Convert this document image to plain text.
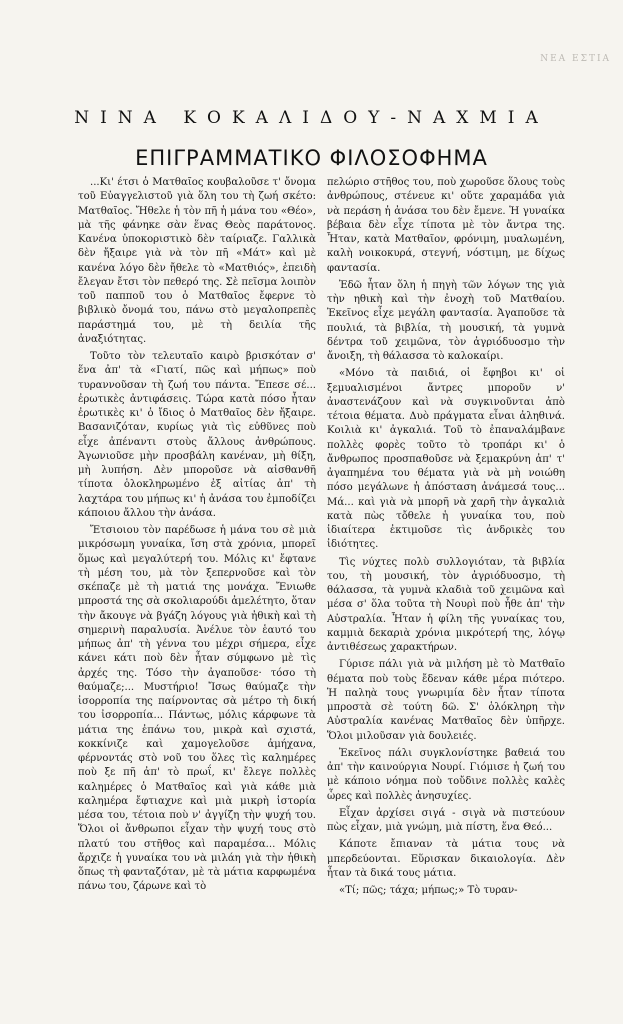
ΝΕΑ ΕΣΤΙΑ
ΝΙΝΑ ΚΟΚΑΛΙΔΟΥ-ΝΑΧΜΙΑ
ΕΠΙΓΡΑΜΜΑΤΙΚΟ ΦΙΛΟΣΟΦΗΜΑ

...Κι' έτσι ὁ Ματθαῖος κουβαλοῦσε τ' ὄνομα τοῦ Εὐαγγελιστοῦ γιὰ ὅλη του τὴ ζωή σκέτο: Ματθαῖος. Ἤθελε ἡ τὸν πῆ ἡ μάνα του «Θέο», μὰ τῆς φάνηκε σὰν ἕνας Θεὸς παράτονος. Κανένα ὑποκοριστικὸ δὲν ταίριαζε. Γαλλικὰ δὲν ἤξαιρε γιὰ νὰ τὸν πῆ «Μάτ» καὶ μὲ κανένα λόγο δὲν ἤθελε τὸ «Ματθιός», ἐπειδὴ ἔλεγαν ἔτσι τὸν πεθερό της. Σὲ πεῖσμα λοιπὸν τοῦ παπποῦ του ὁ Ματθαῖος ἔφερνε τὸ βιβλικὸ ὄνομά του, πάνω στὸ μεγαλοπρεπὲς παράστημά του, μὲ τὴ δειλία τῆς ἀναξιότητας.

Τοῦτο τὸν τελευταῖο καιρὸ βρισκόταν σ' ἕνα ἀπ' τὰ «Γιατί, πῶς καὶ μήπως» ποὺ τυραννοῦσαν τὴ ζωή του πάντα. Ἔπεσε σέ... ἐρωτικὲς ἀντιφάσεις. Τώρα κατὰ πόσο ἦταν ἐρωτικὲς κι' ὁ ἴδιος ὁ Ματθαῖος δὲν ἤξαιρε. Βασανιζόταν, κυρίως γιὰ τὶς εὐθῦνες ποὺ εἶχε ἀπέναντι στοὺς ἄλλους ἀνθρώπους. Ἀγωνιοῦσε μὴν προσβάλη κανέναν, μὴ θίξη, μὴ λυπήση. Δὲν μποροῦσε νὰ αἰσθανθῆ τίποτα ὁλοκληρωμένο ἐξ αἰτίας ἀπ' τὴ λαχτάρα του μήπως κι' ἡ ἀνάσα του ἐμποδίζει κάποιου ἄλλου τὴν ἀνάσα.

Ἔτσιοιου τὸν παρέδωσε ἡ μάνα του σὲ μιὰ μικρόσωμη γυναίκα, ἴση στὰ χρόνια, μπορεῖ ὅμως καὶ μεγαλύτερή του. Μόλις κι' ἔφτανε τὴ μέση του, μὰ τὸν ξεπερνοῦσε καὶ τὸν σκέπαζε μὲ τὴ ματιά της μονάχα. Ἔνιωθε μπροστά της σὰ σκολιαρούδι ἀμελέτητο, ὅταν τὴν ἄκουγε νὰ βγάζη λόγους γιὰ ἠθικὴ καὶ τὴ σημερινὴ παραλυσία. Ἀνέλυε τὸν ἑαυτό του μήπως ἀπ' τὴ γέννα του μέχρι σήμερα, εἶχε κάνει κάτι ποὺ δὲν ἦταν σύμφωνο μὲ τὶς ἀρχές της. Τόσο τὴν ἀγαποῦσε· τόσο τὴ θαύμαζε;... Μυστήριο! Ἴσως θαύμαζε τὴν ἰσορροπία της παίρνοντας σὰ μέτρο τὴ δική του ἰσορροπία... Πάντως, μόλις κάρφωνε τὰ μάτια της ἐπάνω του, μικρὰ καὶ σχιστά, κοκκίνιζε καὶ χαμογελοῦσε ἀμήχανα, φέρνοντάς στὸ νοῦ του ὅλες τὶς καλημέρες ποὺ ξε πῆ ἀπ' τὸ πρωΐ, κι' ἔλεγε πολλὲς καλημέρες ὁ Ματθαῖος καὶ γιὰ κάθε μιὰ καλημέρα ἔφτιαχνε καὶ μιὰ μικρὴ ἱστορία μέσα του, τέτοια ποὺ ν' ἀγγίζη τὴν ψυχή του. Ὅλοι οἱ ἄνθρωποι εἶχαν τὴν ψυχή τους στὸ πλατύ του στῆθος καὶ παραμέσα... Μόλις ἄρχιζε ἡ γυναίκα του νὰ μιλάη γιὰ τὴν ἠθικὴ ὅπως τὴ φανταζόταν, μὲ τὰ μάτια καρφωμένα πάνω του, ζάρωνε καὶ τὸ

πελώριο στῆθος του, ποὺ χωροῦσε ὅλους τοὺς ἀνθρώπους, στένευε κι' οὔτε χαραμάδα γιὰ νὰ περάση ἡ ἀνάσα του δὲν ἔμενε. Ἡ γυναίκα βέβαια δὲν εἶχε τίποτα μὲ τὸν ἄντρα της. Ἦταν, κατὰ Ματθαῖον, φρόνιμη, μυαλωμένη, καλὴ νοικοκυρά, στεγνή, νόστιμη, με δίχως φαντασία.

Ἐδῶ ἦταν ὅλη ἡ πηγὴ τῶν λόγων της γιὰ τὴν ηθικὴ καὶ τὴν ἐνοχὴ τοῦ Ματθαίου. Ἐκεῖνος εἶχε μεγάλη φαντασία. Ἀγαποῦσε τὰ πουλιά, τὰ βιβλία, τὴ μουσική, τὰ γυμνὰ δέντρα τοῦ χειμῶνα, τὸν ἀγριόδυοσμο τὴν ἄνοιξη, τὴ θάλασσα τὸ καλοκαίρι.

«Μόνο τὰ παιδιά, οἱ ἔφηβοι κι' οἱ ξεμυαλισμένοι ἄντρες μποροῦν ν' ἀναστενάζουν καὶ νὰ συγκινοῦνται ἀπὸ τέτοια θέματα. Δυὸ πράγματα εἶναι ἀληθινά. Κοιλιὰ κι' ἀγκαλιά. Τοῦ τὸ ἐπαναλάμβανε πολλὲς φορὲς τοῦτο τὸ τροπάρι κι' ὁ ἄνθρωπος προσπαθοῦσε νὰ ξεμακρύνη ἀπ' τ' ἀγαπημένα του θέματα γιὰ νὰ μὴ νοιώθη πόσο μεγάλωνε ἡ ἀπόσταση ἀνάμεσά τους... Μά... καὶ γιὰ νὰ μπορῆ νὰ χαρῆ τὴν ἀγκαλιὰ κατὰ πὼς τὄθελε ἡ γυναίκα του, ποὺ ἰδιαίτερα ἐκτιμοῦσε τὶς ἀνδρικὲς του ἰδιότητες.

Τὶς νύχτες πολὺ συλλογιόταν, τὰ βιβλία του, τὴ μουσική, τὸν ἀγριόδυοσμο, τὴ θάλασσα, τὰ γυμνὰ κλαδιὰ τοῦ χειμῶνα καὶ μέσα σ' ὅλα τοῦτα τὴ Νουρὶ ποὺ ἦθε ἀπ' τὴν Αὐστραλία. Ἦταν ἡ φίλη τῆς γυναίκας του, καμμιὰ δεκαριὰ χρόνια μικρότερή της, λόγῳ ἀντιθέσεως χαρακτήρων.

Γύρισε πάλι γιὰ νὰ μιλήση μὲ τὸ Ματθαῖο θέματα ποὺ τοὺς ἔδεναν κάθε μέρα πιότερο. Ἡ παληὰ τους γνωριμία δὲν ἦταν τίποτα μπροστὰ σὲ τούτη δῶ. Σ' ὁλόκληρη τὴν Αὐστραλία κανένας Ματθαῖος δὲν ὑπῆρχε. Ὅλοι μιλοῦσαν γιὰ δουλειές.

Ἐκεῖνος πάλι συγκλονίστηκε βαθειά του ἀπ' τὴν καινούργια Νουρί. Γιόμισε ἡ ζωή του μὲ κάποιο νόημα ποὺ τοὔδινε πολλὲς καλὲς ὧρες καὶ πολλὲς ἀνησυχίες.

Εἶχαν ἀρχίσει σιγά - σιγὰ νὰ πιστεύουν πὼς εἶχαν, μιὰ γνώμη, μιὰ πίστη, ἕνα Θεό...

Κάποτε ἔπιαναν τὰ μάτια τους νὰ μπερδεύονται. Εὕρισκαν δικαιολογία. Δὲν ἦταν τὰ δικά τους μάτια.

«Τί; πῶς; τάχα; μήπως;» Τὸ τυραν-
